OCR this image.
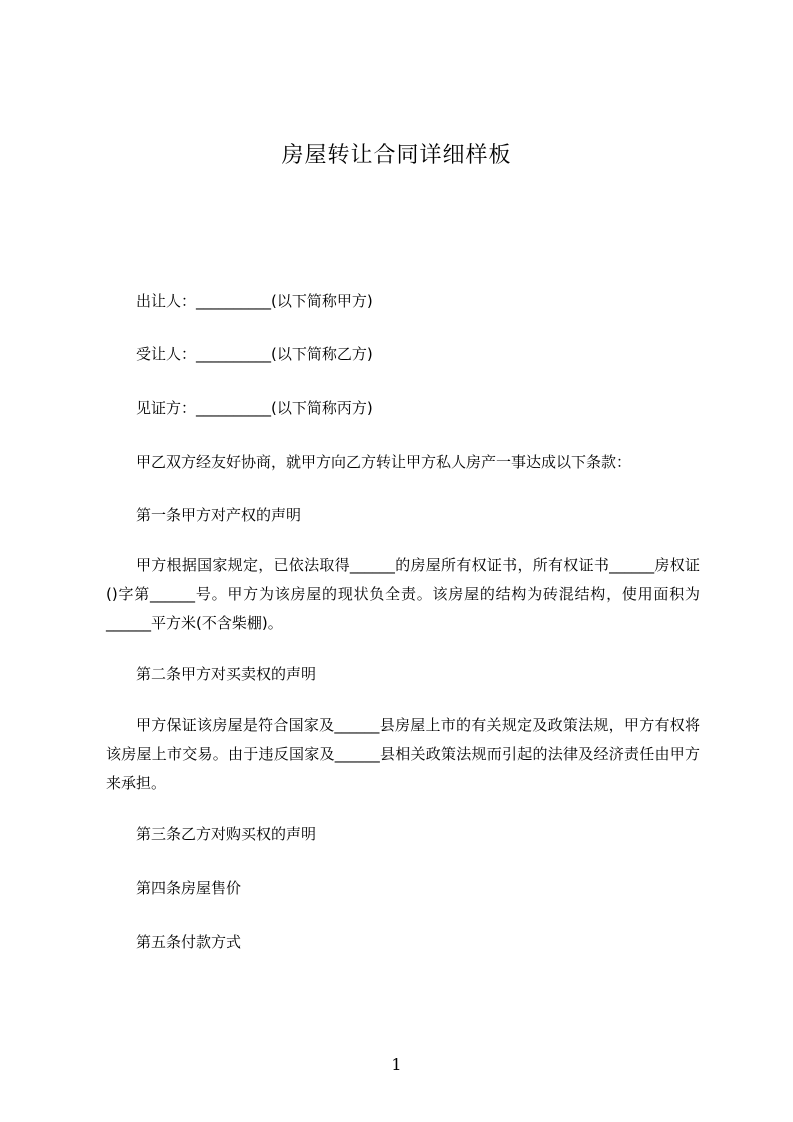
房屋转让合同详细样板
出让人：__________(以下简称甲方)
受让人：__________(以下简称乙方)
见证方：__________(以下简称丙方)
甲乙双方经友好协商，就甲方向乙方转让甲方私人房产一事达成以下条款：
第一条甲方对产权的声明
甲方根据国家规定，已依法取得______的房屋所有权证书，所有权证书______房权证()字第______号。甲方为该房屋的现状负全责。该房屋的结构为砖混结构，使用面积为______平方米(不含柴棚)。
第二条甲方对买卖权的声明
甲方保证该房屋是符合国家及______县房屋上市的有关规定及政策法规，甲方有权将该房屋上市交易。由于违反国家及______县相关政策法规而引起的法律及经济责任由甲方来承担。
第三条乙方对购买权的声明
第四条房屋售价
第五条付款方式
1
